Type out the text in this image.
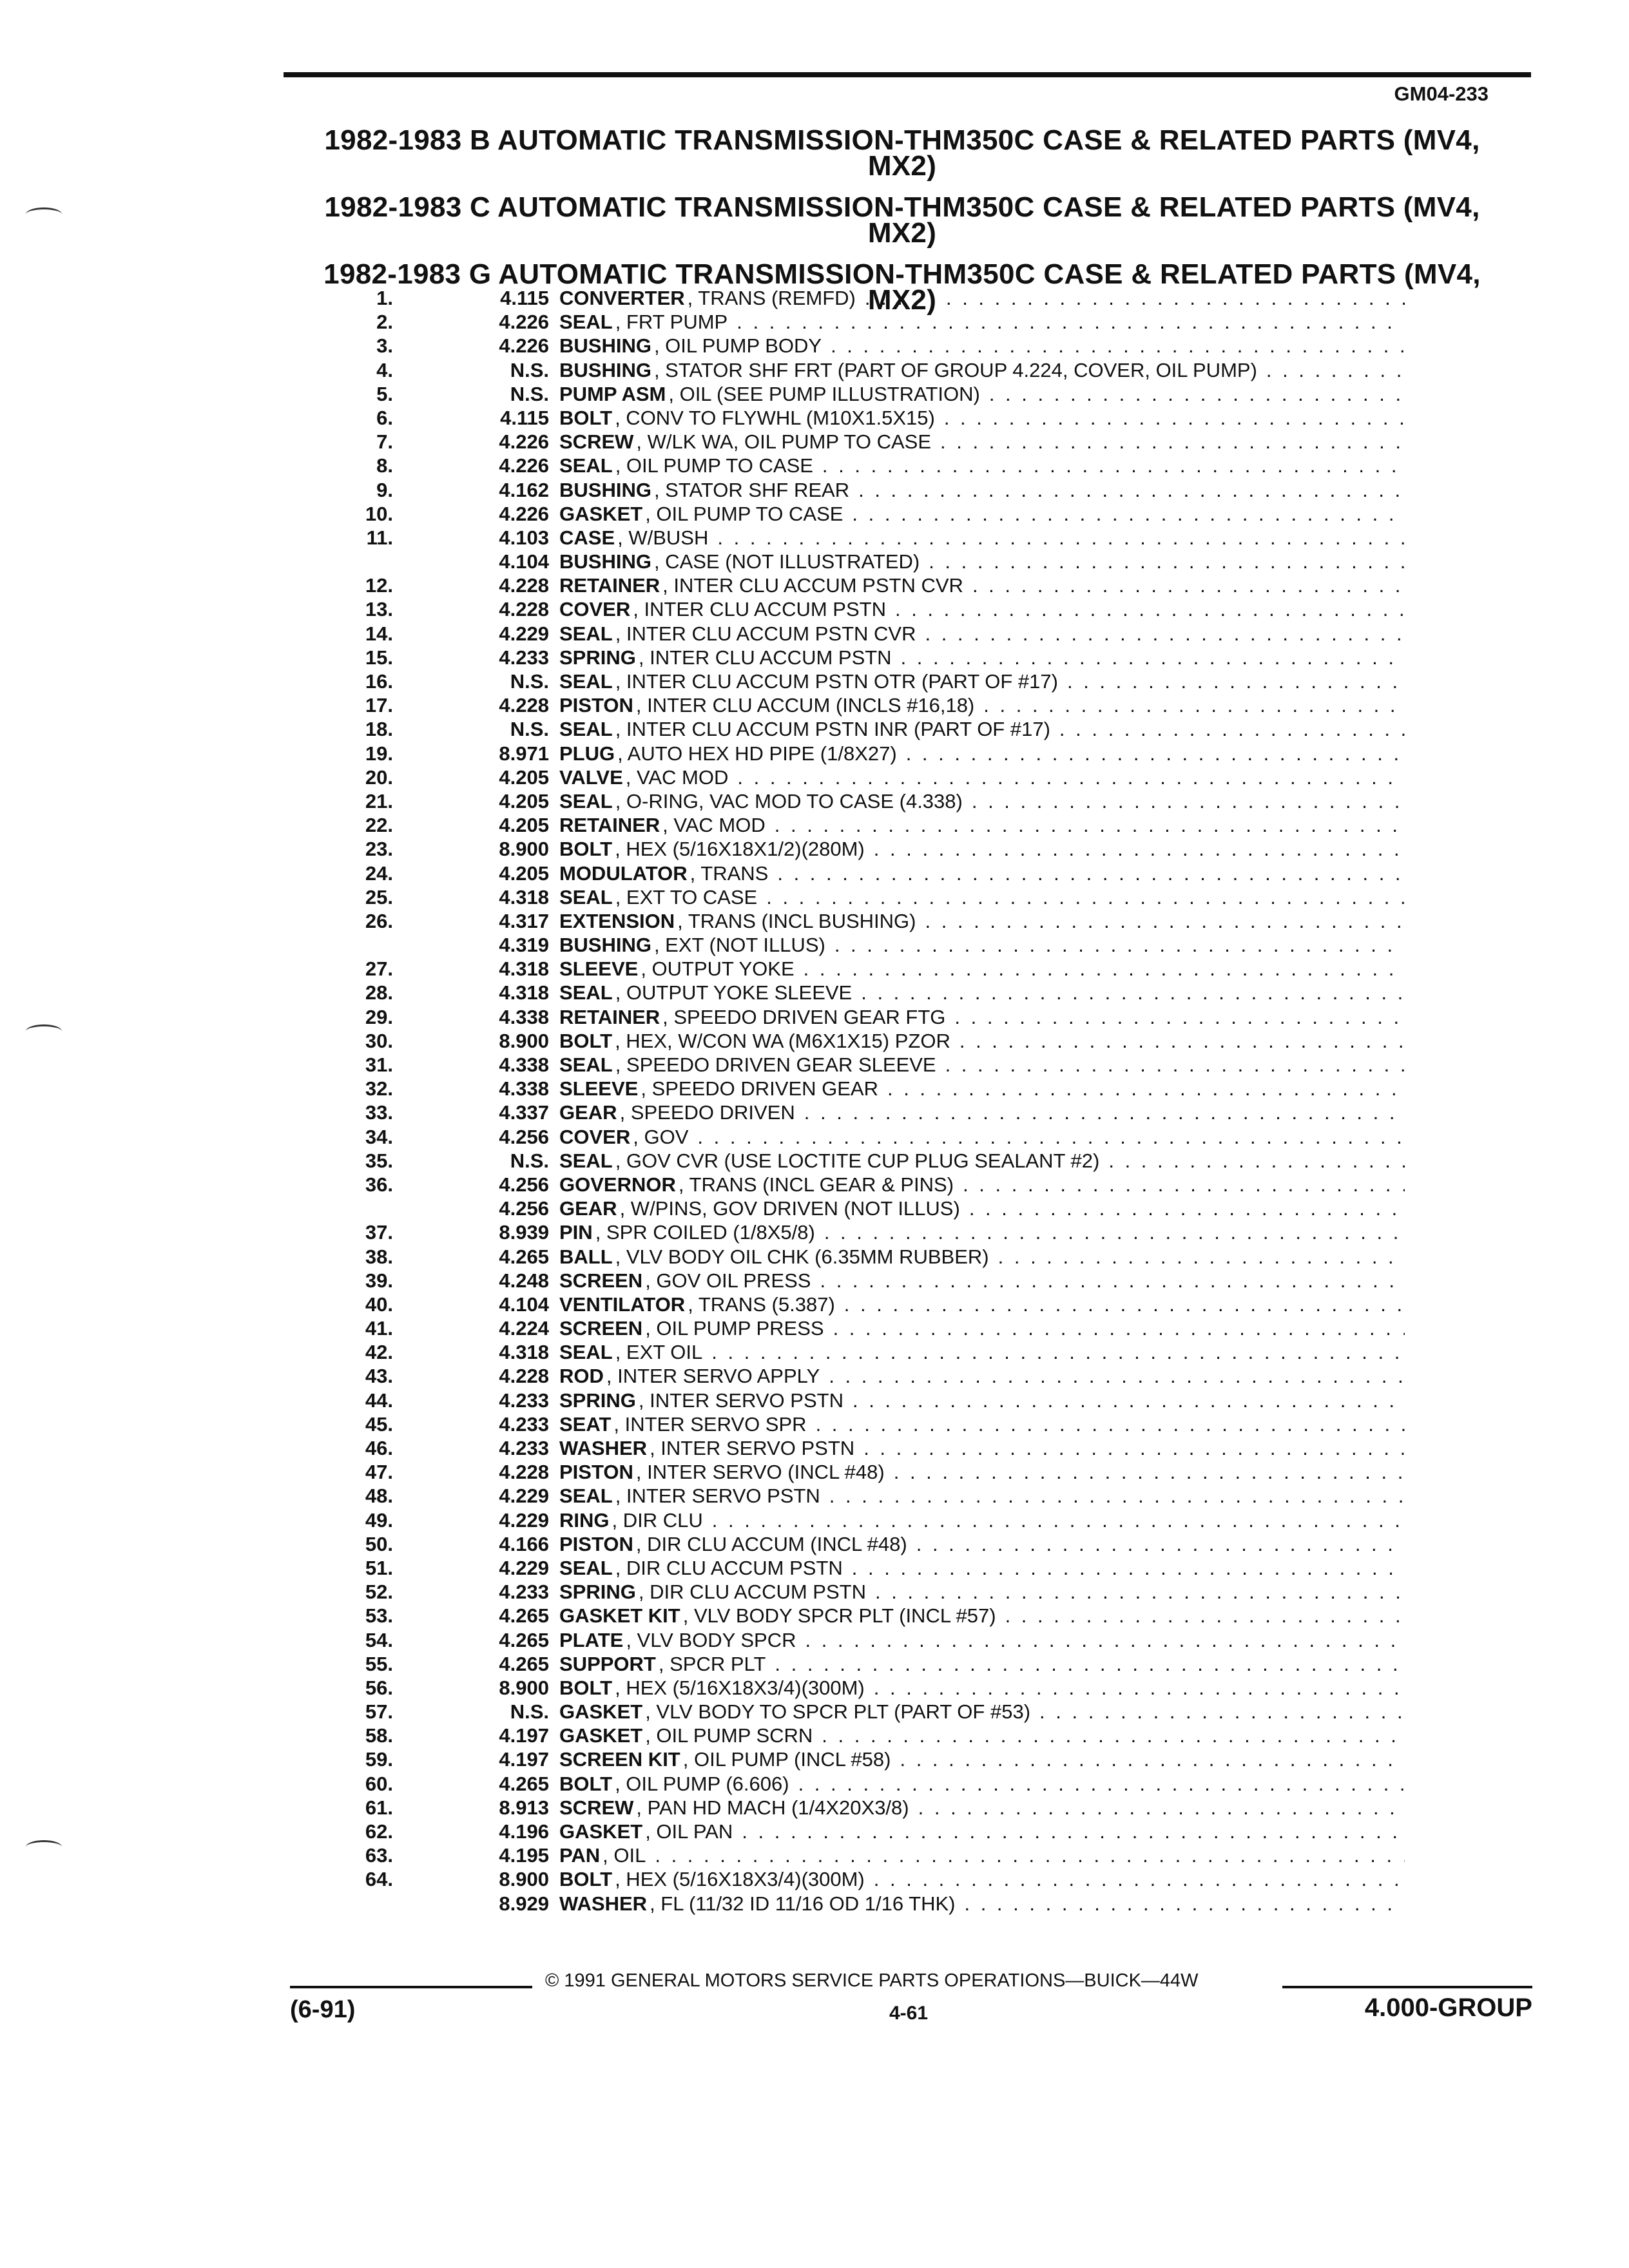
GM04-233
1982-1983 B AUTOMATIC TRANSMISSION-THM350C CASE & RELATED PARTS (MV4,
MX2)
1982-1983 C AUTOMATIC TRANSMISSION-THM350C CASE & RELATED PARTS (MV4,
MX2)
1982-1983 G AUTOMATIC TRANSMISSION-THM350C CASE & RELATED PARTS (MV4,
MX2)
1.	4.115 CONVERTER , TRANS (REMFD)
. . .
2.	4.226 SEAL , FRT PUMP
. . .
3.	4.226 BUSHING , OIL PUMP BODY
. . .
4.	N.S. BUSHING , STATOR SHF FRT (PART OF GROUP 4.224, COVER, OIL PUMP)
. . .
5.	N.S. PUMP ASM , OIL (SEE PUMP ILLUSTRATION)
. . .
6.	4.115 BOLT , CONV TO FLYWHL (M10X1.5X15)
. . .
7.	4.226 SCREW , W/LK WA, OIL PUMP TO CASE
. . .
8.	4.226 SEAL , OIL PUMP TO CASE
. . .
9.	4.162 BUSHING , STATOR SHF REAR
. . .
10.	4.226 GASKET , OIL PUMP TO CASE
. . .
11.	4.103 CASE , W/BUSH
. . .
4.104 BUSHING , CASE (NOT ILLUSTRATED)
. . .
12.	4.228 RETAINER , INTER CLU ACCUM PSTN CVR
. . .
13.	4.228 COVER , INTER CLU ACCUM PSTN
. . .
14.	4.229 SEAL , INTER CLU ACCUM PSTN CVR
. . .
15.	4.233 SPRING , INTER CLU ACCUM PSTN
. . .
16.	N.S. SEAL , INTER CLU ACCUM PSTN OTR (PART OF #17)
. . .
17.	4.228 PISTON , INTER CLU ACCUM (INCLS #16,18)
. . .
18.	N.S. SEAL , INTER CLU ACCUM PSTN INR (PART OF #17)
. . .
19.	8.971 PLUG , AUTO HEX HD PIPE (1/8X27)
. . .
20.	4.205 VALVE , VAC MOD
. . .
21.	4.205 SEAL , O-RING, VAC MOD TO CASE (4.338)
. . .
22.	4.205 RETAINER , VAC MOD
. . .
23.	8.900 BOLT , HEX (5/16X18X1/2)(280M)
. . .
24.	4.205 MODULATOR , TRANS
. . .
25.	4.318 SEAL , EXT TO CASE
. . .
26.	4.317 EXTENSION , TRANS (INCL BUSHING)
. . .
4.319 BUSHING , EXT (NOT ILLUS)
. . .
27.	4.318 SLEEVE , OUTPUT YOKE
. . .
28.	4.318 SEAL , OUTPUT YOKE SLEEVE
. . .
29.	4.338 RETAINER , SPEEDO DRIVEN GEAR FTG
. . .
30.	8.900 BOLT , HEX, W/CON WA (M6X1X15) PZOR
. . .
31.	4.338 SEAL , SPEEDO DRIVEN GEAR SLEEVE
. . .
32.	4.338 SLEEVE , SPEEDO DRIVEN GEAR
. . .
33.	4.337 GEAR , SPEEDO DRIVEN
. . .
34.	4.256 COVER , GOV
. . .
35.	N.S. SEAL , GOV CVR (USE LOCTITE CUP PLUG SEALANT #2)
. . .
36.	4.256 GOVERNOR , TRANS (INCL GEAR & PINS)
. . .
4.256 GEAR , W/PINS, GOV DRIVEN (NOT ILLUS)
. . .
37.	8.939 PIN , SPR COILED (1/8X5/8)
. . .
38.	4.265 BALL , VLV BODY OIL CHK (6.35MM RUBBER)
. . .
39.	4.248 SCREEN , GOV OIL PRESS
. . .
40.	4.104 VENTILATOR , TRANS (5.387)
. . .
41.	4.224 SCREEN , OIL PUMP PRESS
. . .
42.	4.318 SEAL , EXT OIL
. . .
43.	4.228 ROD , INTER SERVO APPLY
. . .
44.	4.233 SPRING , INTER SERVO PSTN
. . .
45.	4.233 SEAT , INTER SERVO SPR
. . .
46.	4.233 WASHER , INTER SERVO PSTN
. . .
47.	4.228 PISTON , INTER SERVO (INCL #48)
. . .
48.	4.229 SEAL , INTER SERVO PSTN
. . .
49.	4.229 RING , DIR CLU
. . .
50.	4.166 PISTON , DIR CLU ACCUM (INCL #48)
. . .
51.	4.229 SEAL , DIR CLU ACCUM PSTN
. . .
52.	4.233 SPRING , DIR CLU ACCUM PSTN
. . .
53.	4.265 GASKET KIT , VLV BODY SPCR PLT (INCL #57)
. . .
54.	4.265 PLATE , VLV BODY SPCR
. . .
55.	4.265 SUPPORT , SPCR PLT
. . .
56.	8.900 BOLT , HEX (5/16X18X3/4)(300M)
. . .
57.	N.S. GASKET , VLV BODY TO SPCR PLT (PART OF #53)
. . .
58.	4.197 GASKET , OIL PUMP SCRN
. . .
59.	4.197 SCREEN KIT , OIL PUMP (INCL #58)
. . .
60.	4.265 BOLT , OIL PUMP (6.606)
. . .
61.	8.913 SCREW , PAN HD MACH (1/4X20X3/8)
. . .
62.	4.196 GASKET , OIL PAN
. . .
63.	4.195 PAN , OIL
. . .
64.	8.900 BOLT , HEX (5/16X18X3/4)(300M)
. . .
8.929 WASHER , FL (11/32 ID 11/16 OD 1/16 THK)
. . .
© 1991 GENERAL MOTORS SERVICE PARTS OPERATIONS—BUICK—44W
(6-91)	4-61	4.000-GROUP
